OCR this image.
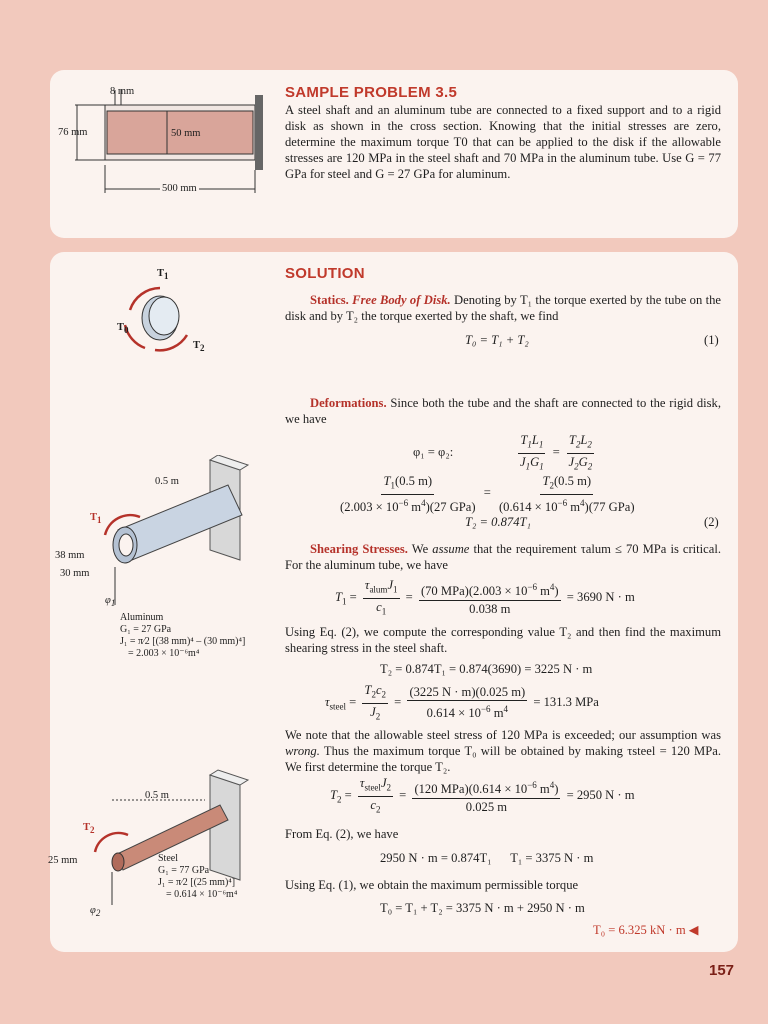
8 mm
76 mm	50 mm
500 mm
SAMPLE PROBLEM 3.5
A steel shaft and an aluminum tube are connected to a fixed support and to a rigid disk as shown in the cross section. Knowing that the initial stresses are zero, determine the maximum torque T0 that can be applied to the disk if the allowable stresses are 120 MPa in the steel shaft and 70 MPa in the aluminum tube. Use G = 77 GPa for steel and G = 27 GPa for aluminum.
SOLUTION
$T_1$
$T_0$
$T_2$
Statics. Free Body of Disk. Denoting by T₁ the torque exerted by the tube on the disk and by T₂ the torque exerted by the shaft, we find
T₀ = T₁ + T₂	(1)
Deformations. Since both the tube and the shaft are connected to the rigid disk, we have
φ₁ = φ₂:	$\frac{T_1L_1}{J_1G_1} = \frac{T_2L_2}{J_2G_2}$
$\frac{T_1(0.5 m)}{(2.003 \times 10^{-6} m^4)(27 GPa)} = \frac{T_2(0.5 m)}{(0.614 \times 10^{-6} m^4)(77 GPa)}$
T₂ = 0.874T₁	(2)
0.5 m
$T_1$
38 mm
30 mm
$\varphi_1$
Aluminum
G₁ = 27 GPa
J₁ = π⁄2 [(38 mm)⁴ – (30 mm)⁴]
= 2.003 × 10⁻⁶m⁴
Shearing Stresses. We assume that the requirement τalum ≤ 70 MPa is critical. For the aluminum tube, we have
$T_1 = \frac{\tau_{alum}J_1}{c_1} = \frac{(70 MPa)(2.003 \times 10^{-6} m^4)}{0.038 m} = 3690$ N · m
Using Eq. (2), we compute the corresponding value T₂ and then find the maximum shearing stress in the steel shaft.
T₂ = 0.874T₁ = 0.874(3690) = 3225 N · m
$\tau_{steel} = \frac{T_2c_2}{J_2} = \frac{(3225 N \cdot m)(0.025 m)}{0.614 \times 10^{-6} m^4} = 131.3$ MPa
We note that the allowable steel stress of 120 MPa is exceeded; our assumption was wrong. Thus the maximum torque T₀ will be obtained by making τsteel = 120 MPa. We first determine the torque T₂.
0.5 m
$T_2$
25 mm
$\varphi_2$
Steel
G₁ = 77 GPa
J₁ = π⁄2 [(25 mm)⁴]
= 0.614 × 10⁻⁶m⁴
$T_2 = \frac{\tau_{steel}J_2}{c_2} = \frac{(120 MPa)(0.614 \times 10^{-6} m^4)}{0.025 m} = 2950$ N · m
From Eq. (2), we have
2950 N · m = 0.874T₁      T₁ = 3375 N · m
Using Eq. (1), we obtain the maximum permissible torque
T₀ = T₁ + T₂ = 3375 N · m + 2950 N · m
T₀ = 6.325 kN · m ◀
157
